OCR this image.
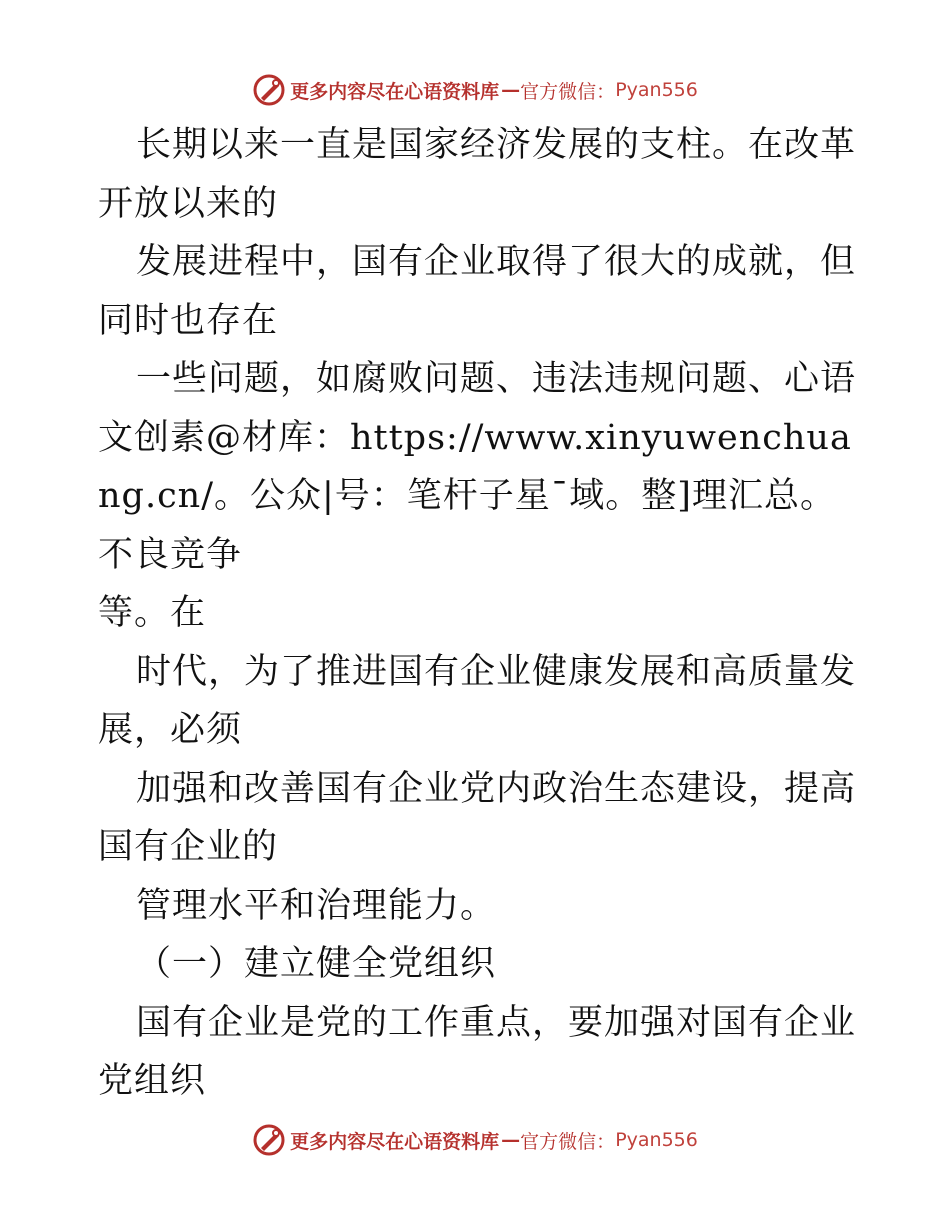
更多内容尽在心语资料库 — 官方微信： Pyan556

长期以来一直是国家经济发展的支柱。在改革开放以来的

发展进程中，国有企业取得了很大的成就，但同时也存在

一些问题，如腐败问题、违法违规问题、心语文创素@材库：https://www.xinyuwenchuang.cn/。公众|号：笔杆子星¯域。整]理汇总。不良竞争

等。在

时代，为了推进国有企业健康发展和高质量发展，必须

加强和改善国有企业党内政治生态建设，提高国有企业的

管理水平和治理能力。

（一）建立健全党组织

国有企业是党的工作重点，要加强对国有企业党组织

更多内容尽在心语资料库 — 官方微信： Pyan556
